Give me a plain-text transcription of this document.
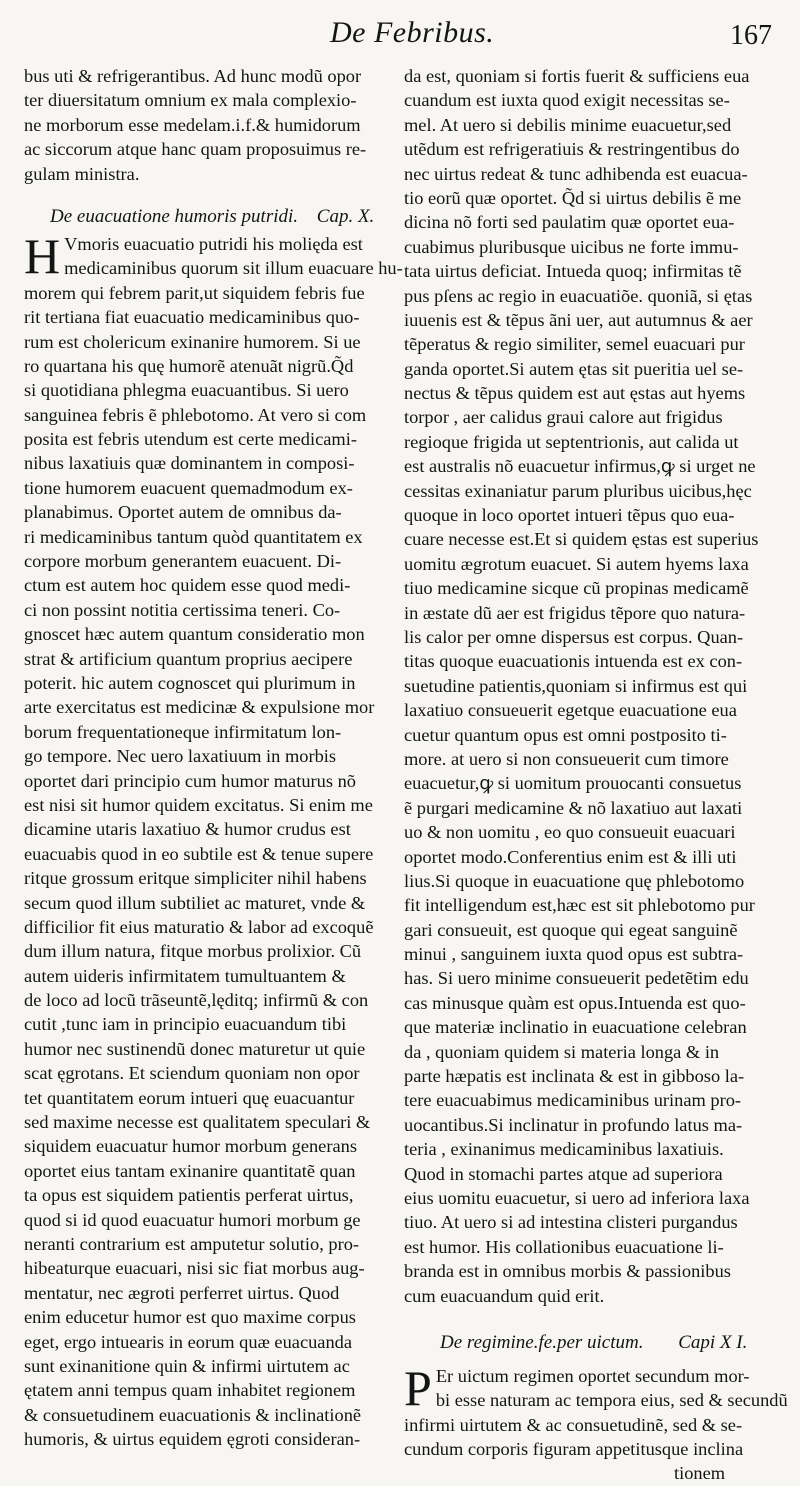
De Febribus.	167
bus uti & refrigerantibus. Ad hunc modũ opor
ter diuersitatum omnium ex mala complexio-
ne morborum esse medelam.i.f.& humidorum
ac siccorum atque hanc quam proposuimus re-
gulam ministra.
De euacuatione humoris putridi. Cap. X.
H Vmoris euacuatio putridi his molięda est
medicaminibus quorum sit illum euacuare hu-
morem qui febrem parit,ut siquidem febris fue
rit tertiana fiat euacuatio medicaminibus quo-
rum est cholericum exinanire humorem. Si ue
ro quartana his quę humorẽ atenuãt nigrũ.Q̃d
si quotidiana phlegma euacuantibus. Si uero
sanguinea febris ẽ phlebotomo. At vero si com
posita est febris utendum est certe medicami-
nibus laxatiuis quæ dominantem in composi-
tione humorem euacuent quemadmodum ex-
planabimus. Oportet autem de omnibus da-
ri medicaminibus tantum quòd quantitatem ex
corpore morbum generantem euacuent. Di-
ctum est autem hoc quidem esse quod medi-
ci non possint notitia certissima teneri. Co-
gnoscet hæc autem quantum consideratio mon
strat & artificium quantum proprius aecipere
poterit. hic autem cognoscet qui plurimum in
arte exercitatus est medicinæ & expulsione mor
borum frequentationeque infirmitatum lon-
go tempore. Nec uero laxatiuum in morbis
oportet dari principio cum humor maturus nõ
est nisi sit humor quidem excitatus. Si enim me
dicamine utaris laxatiuo & humor crudus est
euacuabis quod in eo subtile est & tenue supere
ritque grossum eritque simpliciter nihil habens
secum quod illum subtiliet ac maturet, vnde &
difficilior fit eius maturatio & labor ad excoquẽ
dum illum natura, fitque morbus prolixior. Cũ
autem uideris infirmitatem tumultuantem &
de loco ad locũ trãseuntẽ,lęditq; infirmũ & con
cutit ,tunc iam in principio euacuandum tibi
humor nec sustinendũ donec maturetur ut quie
scat ęgrotans. Et sciendum quoniam non opor
tet quantitatem eorum intueri quę euacuantur
sed maxime necesse est qualitatem speculari &
siquidem euacuatur humor morbum generans
oportet eius tantam exinanire quantitatẽ quan
ta opus est siquidem patientis perferat uirtus,
quod si id quod euacuatur humori morbum ge
neranti contrarium est amputetur solutio, pro-
hibeaturque euacuari, nisi sic fiat morbus aug-
mentatur, nec ægroti perferret uirtus. Quod
enim educetur humor est quo maxime corpus
eget, ergo intuearis in eorum quæ euacuanda
sunt exinanitione quin & infirmi uirtutem ac
ętatem anni tempus quam inhabitet regionem
& consuetudinem euacuationis & inclinationẽ
humoris, & uirtus equidem ęgroti consideran-
da est, quoniam si fortis fuerit & sufficiens eua
cuandum est iuxta quod exigit necessitas se-
mel. At uero si debilis minime euacuetur,sed
utẽdum est refrigeratiuis & restringentibus do
nec uirtus redeat & tunc adhibenda est euacua-
tio eorũ quæ oportet. Q̃d si uirtus debilis ẽ me
dicina nõ forti sed paulatim quæ oportet eua-
cuabimus pluribusque uicibus ne forte immu-
tata uirtus deficiat. Intueda quoq; infirmitas tẽ
pus pſens ac regio in euacuatiõe. quoniã, si ętas
iuuenis est & tẽpus ãni uer, aut autumnus & aer
tẽperatus & regio similiter, semel euacuari pur
ganda oportet.Si autem ętas sit pueritia uel se-
nectus & tẽpus quidem est aut ęstas aut hyems
torpor , aer calidus graui calore aut frigidus
regioque frigida ut septentrionis, aut calida ut
est australis nõ euacuetur infirmus,ꝙ si urget ne
cessitas exinaniatur parum pluribus uicibus,hęc
quoque in loco oportet intueri tẽpus quo eua-
cuare necesse est.Et si quidem ęstas est superius
uomitu ægrotum euacuet. Si autem hyems laxa
tiuo medicamine sicque cũ propinas medicamẽ
in æstate dũ aer est frigidus tẽpore quo natura-
lis calor per omne dispersus est corpus. Quan-
titas quoque euacuationis intuenda est ex con-
suetudine patientis,quoniam si infirmus est qui
laxatiuo consueuerit egetque euacuatione eua
cuetur quantum opus est omni postposito ti-
more. at uero si non consueuerit cum timore
euacuetur,ꝙ si uomitum prouocanti consuetus
ẽ purgari medicamine & nõ laxatiuo aut laxati
uo & non uomitu , eo quo consueuit euacuari
oportet modo.Conferentius enim est & illi uti
lius.Si quoque in euacuatione quę phlebotomo
fit intelligendum est,hæc est sit phlebotomo pur
gari consueuit, est quoque qui egeat sanguinẽ
minui , sanguinem iuxta quod opus est subtra-
has. Si uero minime consueuerit pedetẽtim edu
cas minusque quàm est opus.Intuenda est quo-
que materiæ inclinatio in euacuatione celebran
da , quoniam quidem si materia longa & in
parte hæpatis est inclinata & est in gibboso la-
tere euacuabimus medicaminibus urinam pro-
uocantibus.Si inclinatur in profundo latus ma-
teria , exinanimus medicaminibus laxatiuis.
Quod in stomachi partes atque ad superiora
eius uomitu euacuetur, si uero ad inferiora laxa
tiuo. At uero si ad intestina clisteri purgandus
est humor. His collationibus euacuatione li-
branda est in omnibus morbis & passionibus
cum euacuandum quid erit.
De regimine.fe.per uictum. Capi X I.
P Er uictum regimen oportet secundum mor-
bi esse naturam ac tempora eius, sed & secundũ
infirmi uirtutem & ac consuetudinẽ, sed & se-
cundum corporis figuram appetitusque inclina
tionem
